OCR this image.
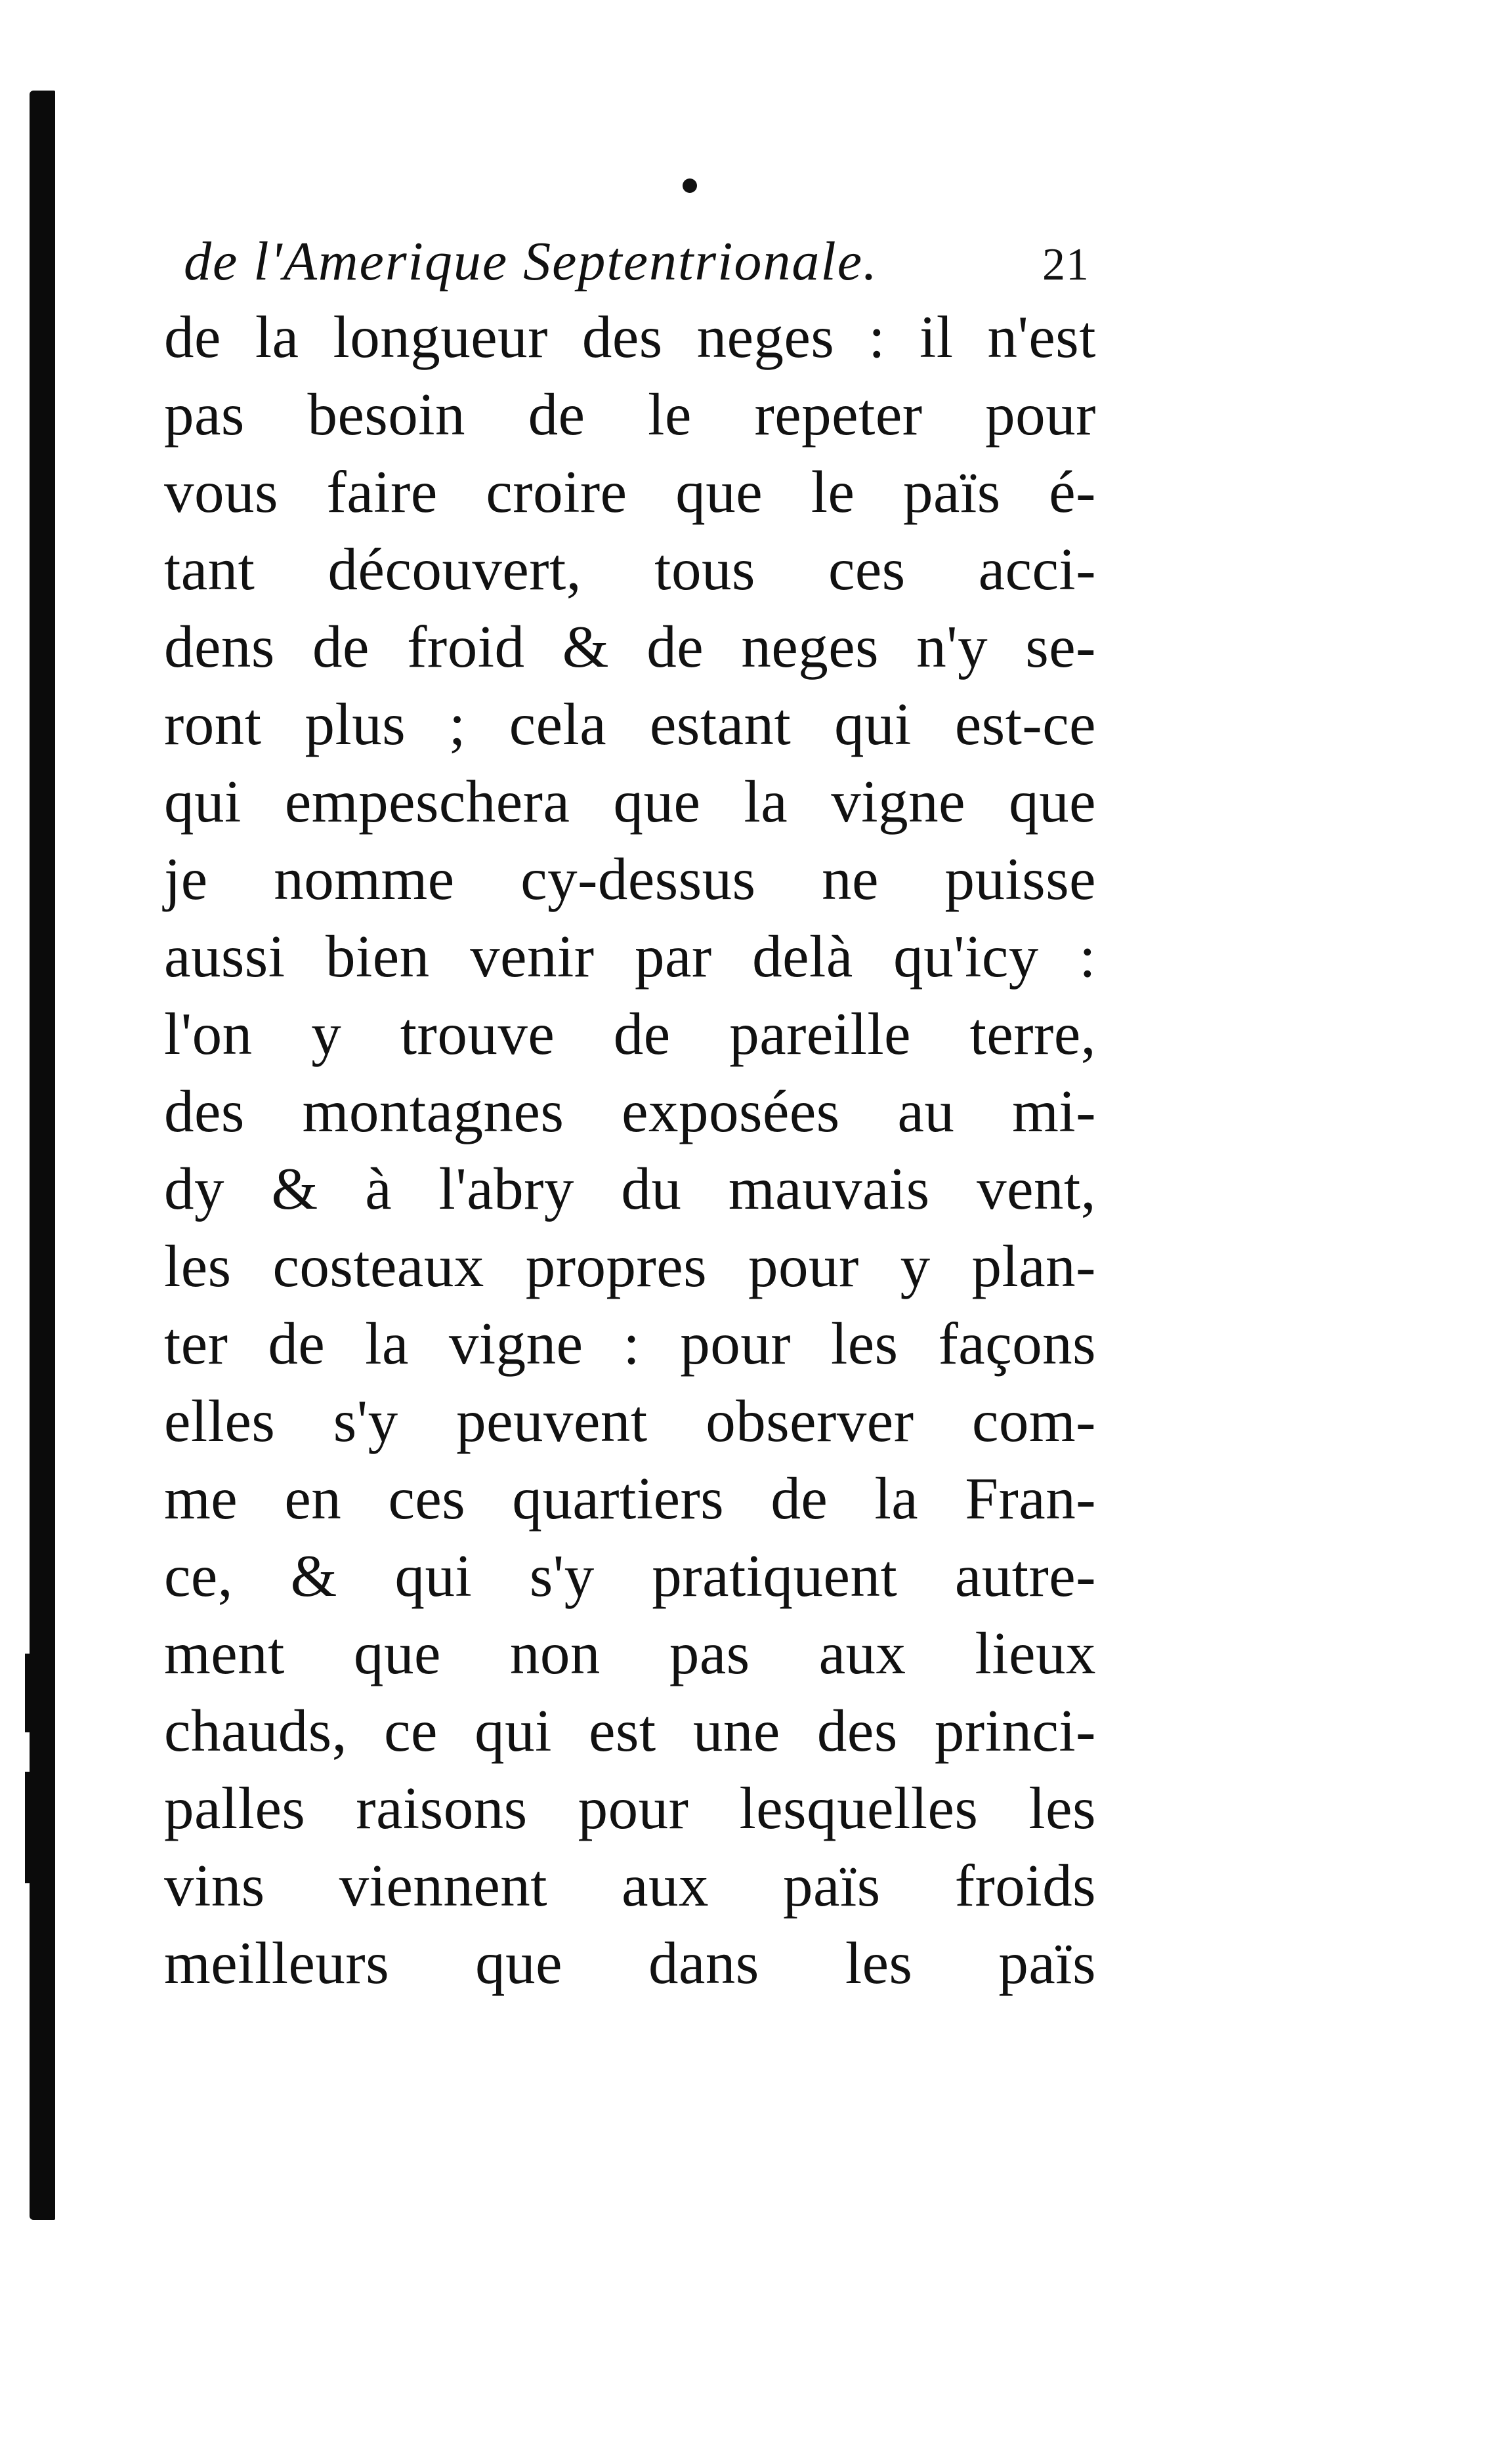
de l'Amerique Septentrionale.	21
de la longueur des neges : il n'est
pas besoin de le repeter pour
vous faire croire que le païs é-
tant découvert, tous ces acci-
dens de froid & de neges n'y se-
ront plus ; cela estant qui est-ce
qui empeschera que la vigne que
je nomme cy-dessus ne puisse
aussi bien venir par delà qu'icy :
l'on y trouve de pareille terre,
des montagnes exposées au mi-
dy & à l'abry du mauvais vent,
les costeaux propres pour y plan-
ter de la vigne : pour les façons
elles s'y peuvent observer com-
me en ces quartiers de la Fran-
ce, & qui s'y pratiquent autre-
ment que non pas aux lieux
chauds, ce qui est une des princi-
palles raisons pour lesquelles les
vins viennent aux païs froids
meilleurs que dans les païs
